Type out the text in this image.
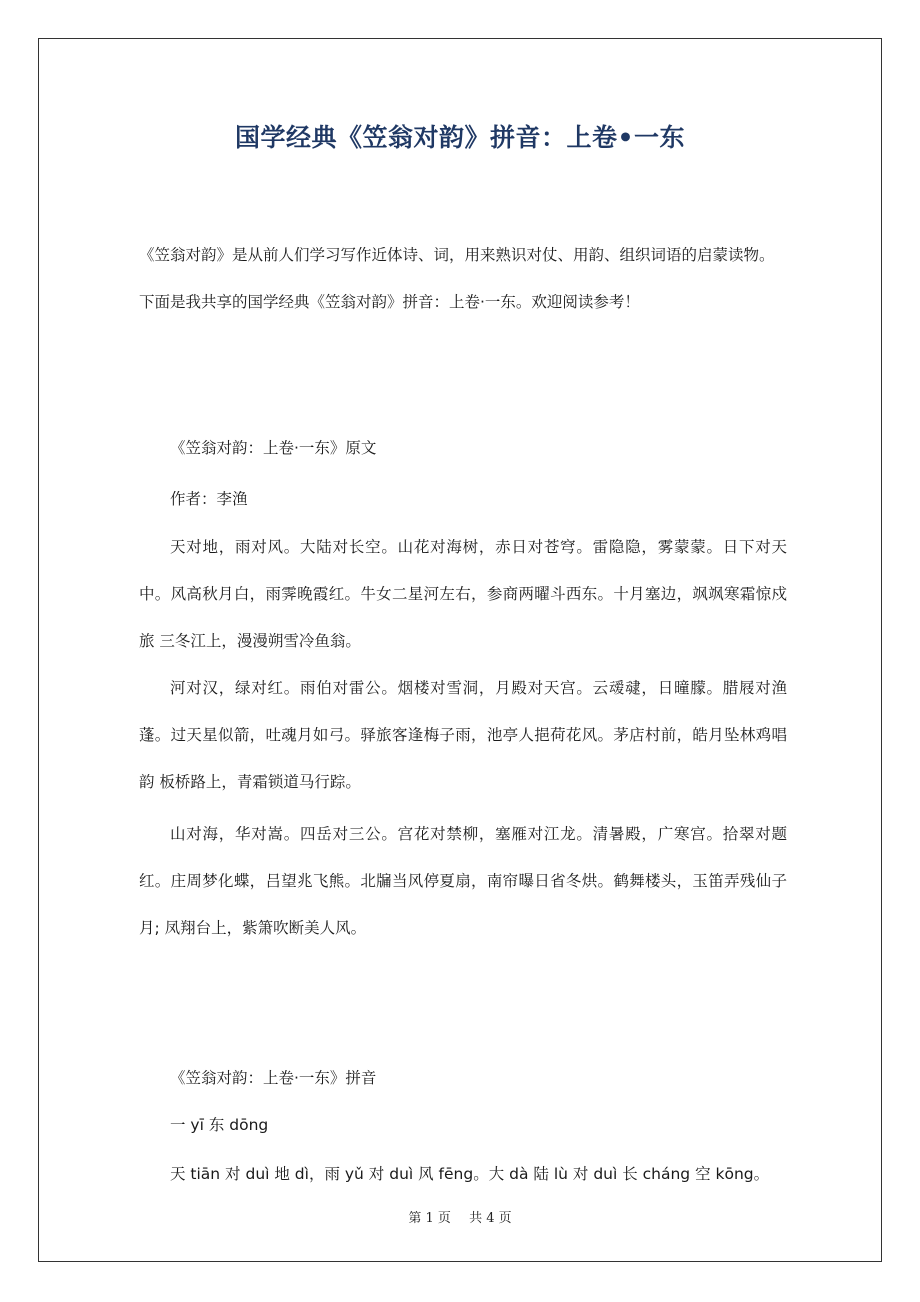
国学经典《笠翁对韵》拼音：上卷•一东

《笠翁对韵》是从前人们学习写作近体诗、词，用来熟识对仗、用韵、组织词语的启蒙读物。下面是我共享的国学经典《笠翁对韵》拼音：上卷·一东。欢迎阅读参考！

《笠翁对韵：上卷·一东》原文

作者：李渔

天对地，雨对风。大陆对长空。山花对海树，赤日对苍穹。雷隐隐，雾蒙蒙。日下对天中。风高秋月白，雨霁晚霞红。牛女二星河左右，参商两曜斗西东。十月塞边，飒飒寒霜惊戍旅 三冬江上，漫漫朔雪冷鱼翁。

河对汉，绿对红。雨伯对雷公。烟楼对雪洞，月殿对天宫。云叆叇，日曈朦。腊屐对渔蓬。过天星似箭，吐魂月如弓。驿旅客逢梅子雨，池亭人挹荷花风。茅店村前，皓月坠林鸡唱韵 板桥路上，青霜锁道马行踪。

山对海，华对嵩。四岳对三公。宫花对禁柳，塞雁对江龙。清暑殿，广寒宫。拾翠对题红。庄周梦化蝶，吕望兆飞熊。北牖当风停夏扇，南帘曝日省冬烘。鹤舞楼头，玉笛弄残仙子月; 凤翔台上，紫箫吹断美人风。

《笠翁对韵：上卷·一东》拼音

一 yī 东 dōng

天 tiān 对 duì 地 dì，雨 yǔ 对 duì 风 fēng。大 dà 陆 lù 对 duì 长 cháng 空 kōng。

第 1 页 共 4 页
